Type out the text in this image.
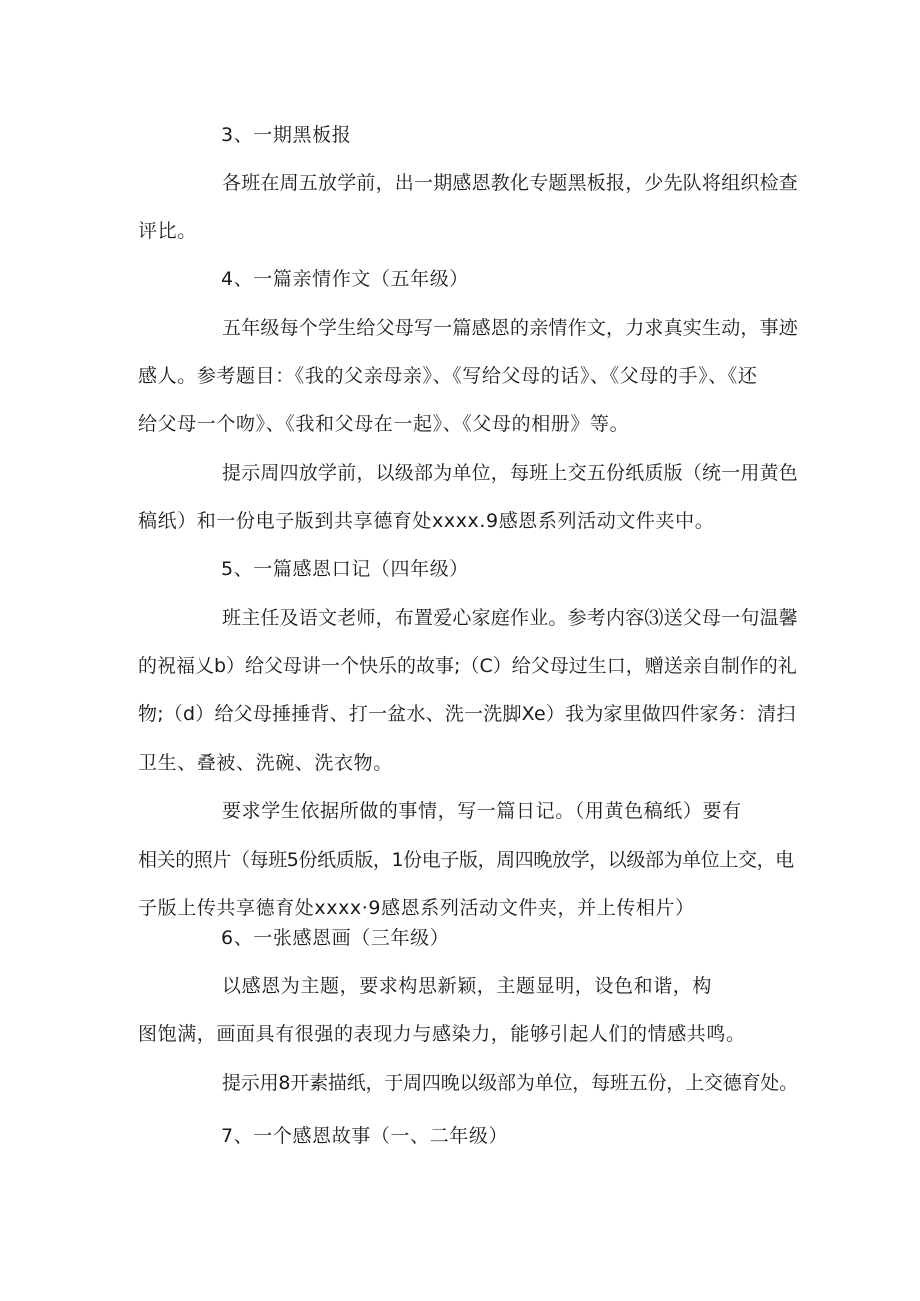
3、一期黑板报
各班在周五放学前，出一期感恩教化专题黑板报，少先队将组织检查
评比。
4、一篇亲情作文（五年级）
五年级每个学生给父母写一篇感恩的亲情作文，力求真实生动，事迹
感人。参考题目：《我的父亲母亲》、《写给父母的话》、《父母的手》、《还
给父母一个吻》、《我和父母在一起》、《父母的相册》等。
提示周四放学前，以级部为单位，每班上交五份纸质版（统一用黄色
稿纸）和一份电子版到共享德育处xxxx.9感恩系列活动文件夹中。
5、一篇感恩口记（四年级）
班主任及语文老师，布置爱心家庭作业。参考内容⑶送父母一句温馨
的祝福乂b）给父母讲一个快乐的故事;（C）给父母过生口，赠送亲自制作的礼
物;（d）给父母捶捶背、打一盆水、洗一洗脚Xe）我为家里做四件家务：清扫
卫生、叠被、洗碗、洗衣物。
要求学生依据所做的事情，写一篇日记。（用黄色稿纸）要有
相关的照片（每班5份纸质版，1份电子版，周四晚放学，以级部为单位上交，电
子版上传共享德育处xxxx·9感恩系列活动文件夹，并上传相片）
6、一张感恩画（三年级）
以感恩为主题，要求构思新颖，主题显明，设色和谐，构
图饱满，画面具有很强的表现力与感染力，能够引起人们的情感共鸣。
提示用8开素描纸，于周四晚以级部为单位，每班五份，上交德育处。
7、一个感恩故事（一、二年级）
